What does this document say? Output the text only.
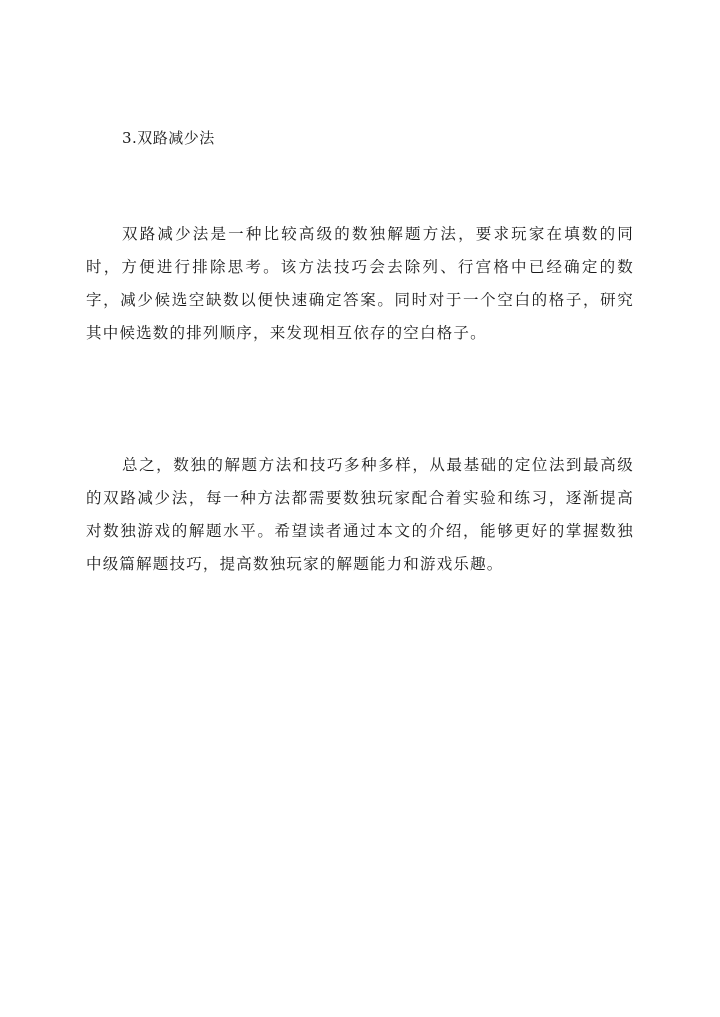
3.双路减少法

双路减少法是一种比较高级的数独解题方法，要求玩家在填数的同时，方便进行排除思考。该方法技巧会去除列、行宫格中已经确定的数字，减少候选空缺数以便快速确定答案。同时对于一个空白的格子，研究其中候选数的排列顺序，来发现相互依存的空白格子。

总之，数独的解题方法和技巧多种多样，从最基础的定位法到最高级的双路减少法，每一种方法都需要数独玩家配合着实验和练习，逐渐提高对数独游戏的解题水平。希望读者通过本文的介绍，能够更好的掌握数独中级篇解题技巧，提高数独玩家的解题能力和游戏乐趣。
